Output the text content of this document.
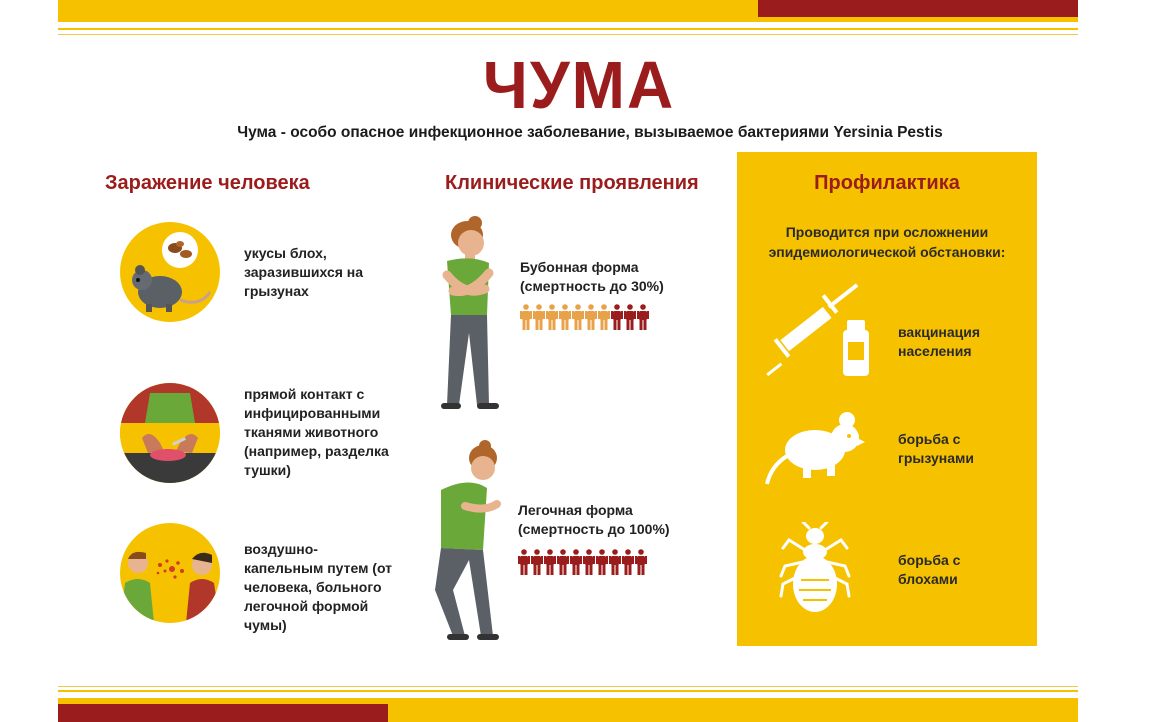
ЧУМА
Чума - особо опасное инфекционное заболевание, вызываемое бактериями Yersinia Pestis
Заражение человека
укусы блох, заразившихся на грызунах
прямой контакт с инфицированными тканями животного (например, разделка тушки)
воздушно-капельным путем (от человека, больного легочной формой чумы)
Клинические проявления
Бубонная форма
(смертность до 30%)
Легочная форма
(смертность до 100%)
Профилактика
Проводится при осложнении эпидемиологической обстановки:
вакцинация населения
борьба с грызунами
борьба с блохами
